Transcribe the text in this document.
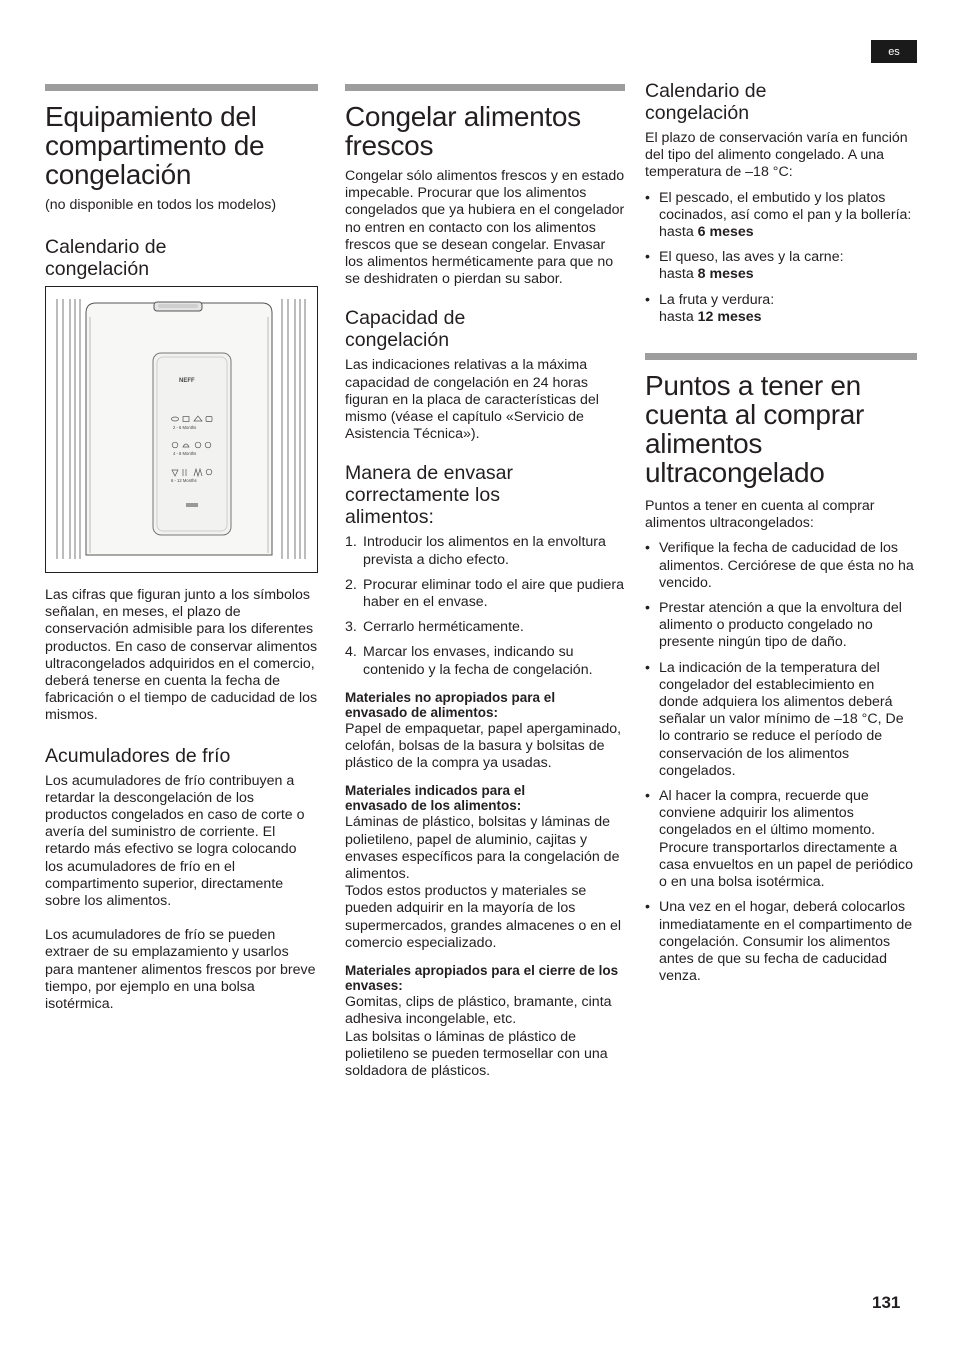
es
Equipamiento del compartimento de congelación
(no disponible en todos los modelos)
Calendario de congelación
NEFF
2 - 6 Months
4 - 8 Months
6 - 12 Months

Las cifras que figuran junto a los símbolos señalan, en meses, el plazo de conservación admisible para los diferentes productos. En caso de conservar alimentos ultracongelados adquiridos en el comercio, deberá tenerse en cuenta la fecha de fabricación o el tiempo de caducidad de los mismos.

Acumuladores de frío

Los acumuladores de frío contribuyen a retardar la descongelación de los productos congelados en caso de corte o avería del suministro de corriente. El retardo más efectivo se logra colocando los acumuladores de frío en el compartimento superior, directamente sobre los alimentos.

Los acumuladores de frío se pueden extraer de su emplazamiento y usarlos para mantener alimentos frescos por breve tiempo, por ejemplo en una bolsa isotérmica.

Congelar alimentos frescos

Congelar sólo alimentos frescos y en estado impecable. Procurar que los alimentos congelados que ya hubiera en el congelador no entren en contacto con los alimentos frescos que se desean congelar. Envasar los alimentos herméticamente para que no se deshidraten o pierdan su sabor.

Capacidad de congelación

Las indicaciones relativas a la máxima capacidad de congelación en 24 horas figuran en la placa de características del mismo (véase el capítulo «Servicio de Asistencia Técnica»).

Manera de envasar correctamente los alimentos:
1. Introducir los alimentos en la envoltura prevista a dicho efecto.
2. Procurar eliminar todo el aire que pudiera haber en el envase.
3. Cerrarlo herméticamente.
4. Marcar los envases, indicando su contenido y la fecha de congelación.
Materiales no apropiados para el envasado de alimentos:

Papel de empaquetar, papel apergaminado, celofán, bolsas de la basura y bolsitas de plástico de la compra ya usadas.

Materiales indicados para el envasado de los alimentos:

Láminas de plástico, bolsitas y láminas de polietileno, papel de aluminio, cajitas y envases específicos para la congelación de alimentos.

Todos estos productos y materiales se pueden adquirir en la mayoría de los supermercados, grandes almacenes o en el comercio especializado.

Materiales apropiados para el cierre de los envases:

Gomitas, clips de plástico, bramante, cinta adhesiva incongelable, etc.

Las bolsitas o láminas de plástico de polietileno se pueden termosellar con una soldadora de plásticos.

Calendario de congelación

El plazo de conservación varía en función del tipo del alimento congelado. A una temperatura de –18 °C:

• El pescado, el embutido y los platos cocinados, así como el pan y la bollería:
hasta 6 meses
• El queso, las aves y la carne:
hasta 8 meses
• La fruta y verdura:
hasta 12 meses
Puntos a tener en cuenta al comprar alimentos ultracongelado

Puntos a tener en cuenta al comprar alimentos ultracongelados:

• Verifique la fecha de caducidad de los alimentos. Cerciórese de que ésta no ha vencido.
• Prestar atención a que la envoltura del alimento o producto congelado no presente ningún tipo de daño.
• La indicación de la temperatura del congelador del establecimiento en donde adquiera los alimentos deberá señalar un valor mínimo de –18 °C, De lo contrario se reduce el período de conservación de los alimentos congelados.
• Al hacer la compra, recuerde que conviene adquirir los alimentos congelados en el último momento. Procure transportarlos directamente a casa envueltos en un papel de periódico o en una bolsa isotérmica.
• Una vez en el hogar, deberá colocarlos inmediatamente en el compartimento de congelación. Consumir los alimentos antes de que su fecha de caducidad venza.
131
